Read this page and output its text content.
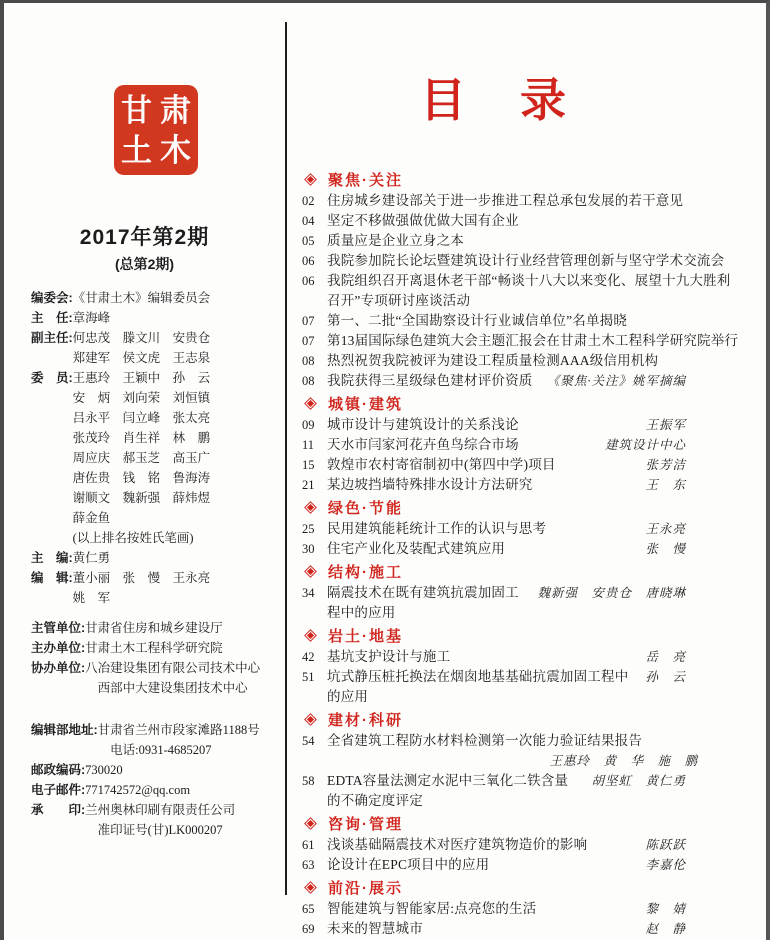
甘 肃
土 木
2017年第2期
(总第2期)
编委会: 《甘肃土木》编辑委员会
主　任: 章海峰
副主任: 何忠茂　滕文川　安贵仓
郑建军　侯文虎　王志泉
委　员: 王惠玲　王颖中　孙　云
安　炳　刘向荣　刘恒镇
吕永平　闫立峰　张太亮
张茂玲　肖生祥　林　鹏
周应庆　郝玉芝　高玉广
唐佐贵　钱　铭　鲁海涛
谢顺文　魏新强　薛炜煜
薛金鱼
(以上排名按姓氏笔画)
主　编: 黄仁勇
编　辑: 董小丽　张　慢　王永亮
姚　军
主管单位: 甘肃省住房和城乡建设厅
主办单位: 甘肃土木工程科学研究院
协办单位: 八冶建设集团有限公司技术中心
　西部中大建设集团技术中心
编辑部地址: 甘肃省兰州市段家滩路1188号
　电话:0931-4685207
邮政编码: 730020
电子邮件: 771742572@qq.com
承　　印: 兰州奥林印刷有限责任公司
　准印证号(甘)LK000207
目　录
聚焦·关注
02 住房城乡建设部关于进一步推进工程总承包发展的若干意见
04 坚定不移做强做优做大国有企业
05 质量应是企业立身之本
06 我院参加院长论坛暨建筑设计行业经营管理创新与坚守学术交流会
06 我院组织召开离退休老干部“畅谈十八大以来变化、展望十九大胜利召开”专项研讨座谈活动
07 第一、二批“全国勘察设计行业诚信单位”名单揭晓
07 第13届国际绿色建筑大会主题汇报会在甘肃土木工程科学研究院举行
08 热烈祝贺我院被评为建设工程质量检测AAA级信用机构
08 我院获得三星级绿色建材评价资质	《聚焦·关注》姚军摘编
城镇·建筑
09 城市设计与建筑设计的关系浅论	王振军
11 天水市闫家河花卉鱼鸟综合市场	建筑设计中心
15 敦煌市农村寄宿制初中(第四中学)项目	张芳洁
21 某边坡挡墙特殊排水设计方法研究	王　东
绿色·节能
25 民用建筑能耗统计工作的认识与思考	王永亮
30 住宅产业化及装配式建筑应用	张　慢
结构·施工
34 隔震技术在既有建筑抗震加固工程中的应用
魏新强　安贵仓　唐晓琳
岩土·地基
42 基坑支护设计与施工	岳　亮
51 坑式静压桩托换法在烟囱地基基础抗震加固工程中的应用
孙　云
建材·科研
54 全省建筑工程防水材料检测第一次能力验证结果报告
王惠玲　黄　华　施　鹏
58 EDTA容量法测定水泥中三氧化二铁含量的不确定度评定
胡坚虹　黄仁勇
咨询·管理
61 浅谈基础隔震技术对医疗建筑物造价的影响	陈跃跃
63 论设计在EPC项目中的应用	李嘉伦
前沿·展示
65 智能建筑与智能家居:点亮您的生活	黎　婧
69 未来的智慧城市	赵　静
